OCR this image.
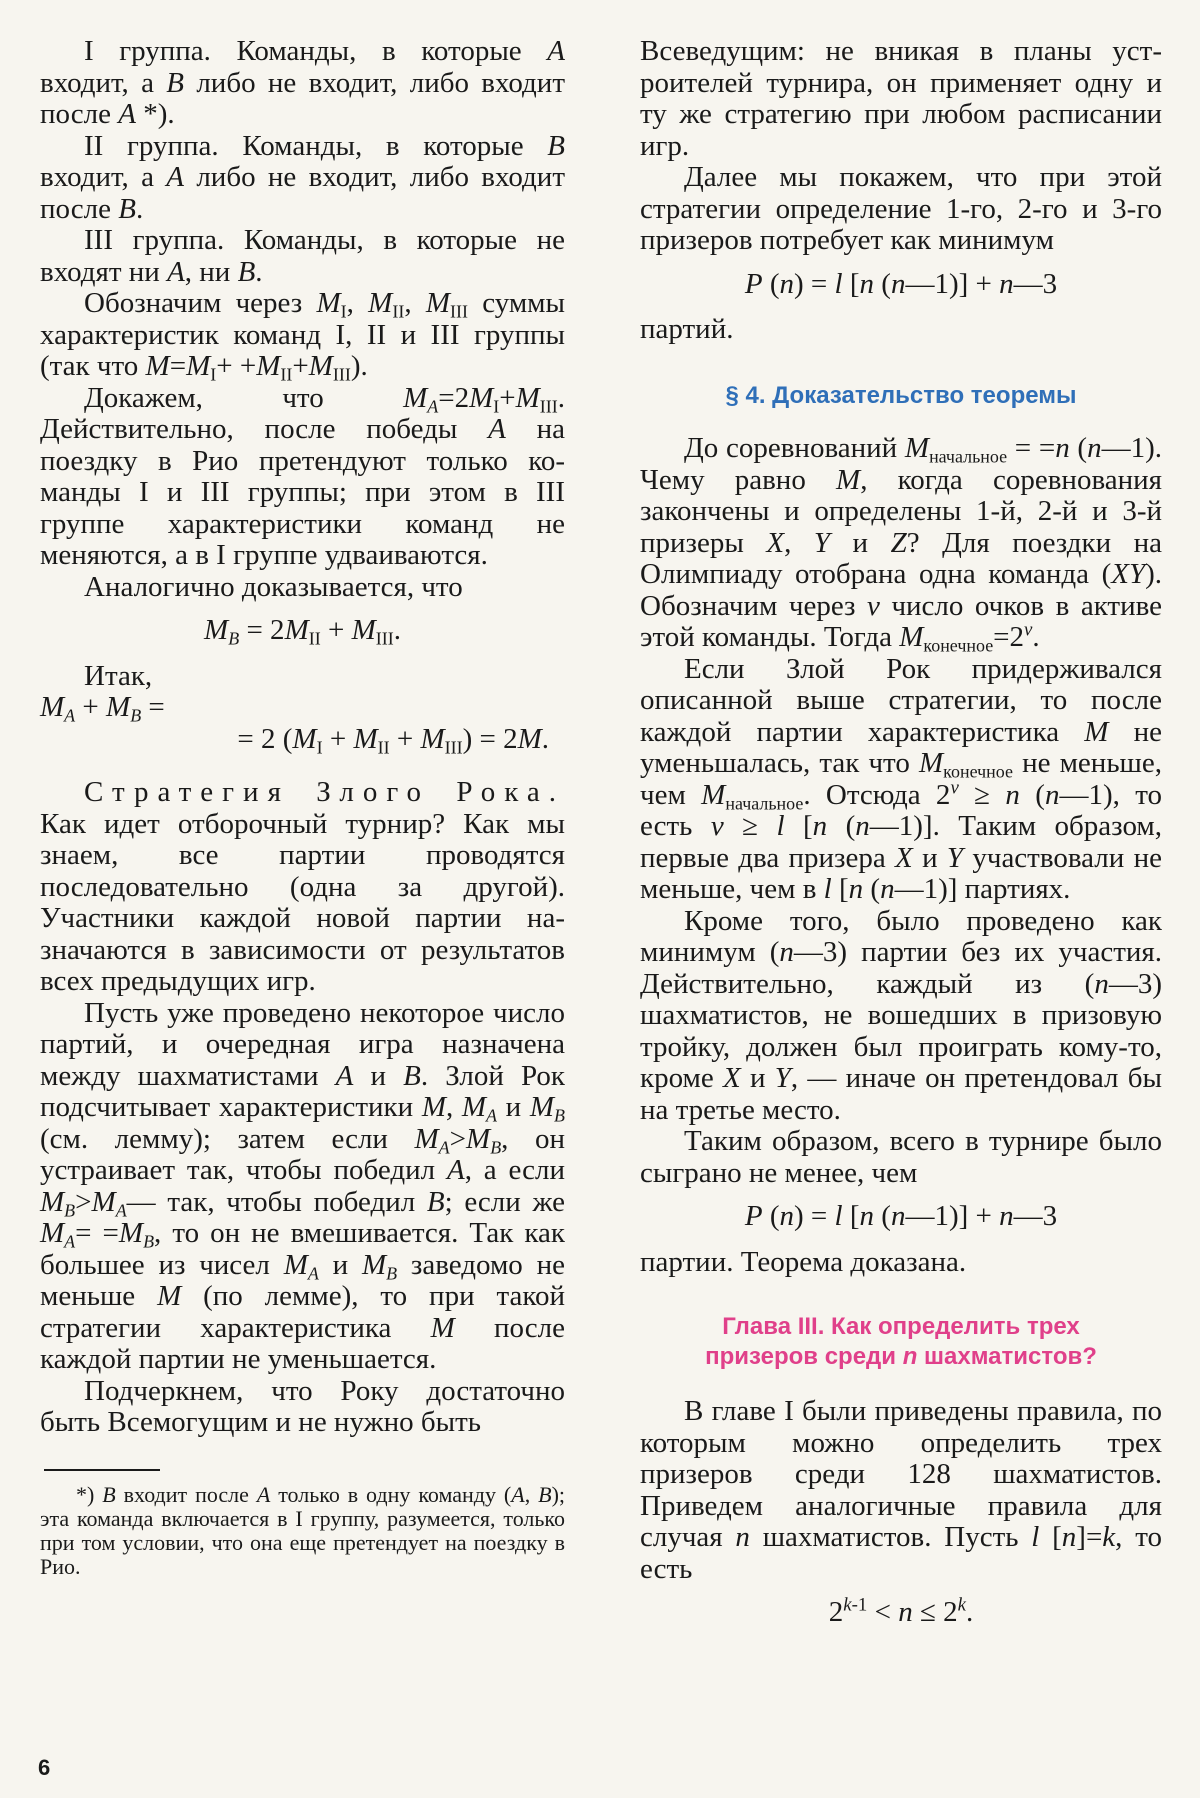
I группа. Команды, в которые A входит, а B либо не входит, либо входит после A *).

II группа. Команды, в которые B входит, а A либо не входит, либо входит после B.

III группа. Команды, в которые не входят ни A, ни B.

Обозначим через $M_I$, $M_{II}$, $M_{III}$ суммы характеристик команд I, II и III группы (так что $M=M_I+ +M_{II}+M_{III}$).

Докажем, что $M_A=2M_I+M_{III}$. Действительно, после победы A на поездку в Рио претендуют только команды I и III группы; при этом в III группе характеристики команд не меняются, а в I группе удваиваются.

Аналогично доказывается, что

$M_B = 2M_{II} + M_{III}$.

Итак,

$M_A + M_B$ =

= 2 $(M_I + M_{II} + M_{III}) = 2M$.

Стратегия Злого Рока. Как идет отборочный турнир? Как мы знаем, все партии проводятся последовательно (одна за другой). Участники каждой новой партии назначаются в зависимости от результатов всех предыдущих игр.

Пусть уже проведено некоторое число партий, и очередная игра назначена между шахматистами A и B. Злой Рок подсчитывает характеристики M, $M_A$ и $M_B$ (см. лемму); затем если $M_A>M_B$, он устраивает так, чтобы победил A, а если $M_B>M_A—$ так, чтобы победил B; если же $M_A= =M_B$, то он не вмешивается. Так как большее из чисел $M_A$ и $M_B$ заведомо не меньше M (по лемме), то при такой стратегии характеристика M после каждой партии не уменьшается.

Подчеркнем, что Року достаточно быть Всемогущим и не нужно быть

*) B входит после A только в одну команду (A, B); эта команда включается в I группу, разумеется, только при том условии, что она еще претендует на поездку в Рио.

Всеведущим: не вникая в планы устроителей турнира, он применяет одну и ту же стратегию при любом расписании игр.

Далее мы покажем, что при этой стратегии определение 1-го, 2-го и 3-го призеров потребует как минимум

P (n) = l [n (n—1)] + n—3

партий.

§ 4. Доказательство теоремы

До соревнований $M_{начальное} = =n$ (n—1). Чему равно M, когда соревнования закончены и определены 1-й, 2-й и 3-й призеры X, Y и Z? Для поездки на Олимпиаду отобрана одна команда (XY). Обозначим через v число очков в активе этой команды. Тогда $M_{конечное}=2^v$.

Если Злой Рок придерживался описанной выше стратегии, то после каждой партии характеристика M не уменьшалась, так что $M_{конечное}$ не меньше, чем $M_{начальное}$. Отсюда $2^v \ge n$ (n—1), то есть v ≥ l [n (n—1)]. Таким образом, первые два призера X и Y участвовали не меньше, чем в l [n (n—1)] партиях.

Кроме того, было проведено как минимум (n—3) партии без их участия. Действительно, каждый из (n—3) шахматистов, не вошедших в призовую тройку, должен был проиграть кому-то, кроме X и Y, — иначе он претендовал бы на третье место.

Таким образом, всего в турнире было сыграно не менее, чем

P (n) = l [n (n—1)] + n—3

партии. Теорема доказана.

Глава III. Как определить трех
призеров среди n шахматистов?

В главе I были приведены правила, по которым можно определить трех призеров среди 128 шахматистов. Приведем аналогичные правила для случая n шахматистов. Пусть l [n]=k, то есть

$2^{k-1} < n \le 2^k$.

6
